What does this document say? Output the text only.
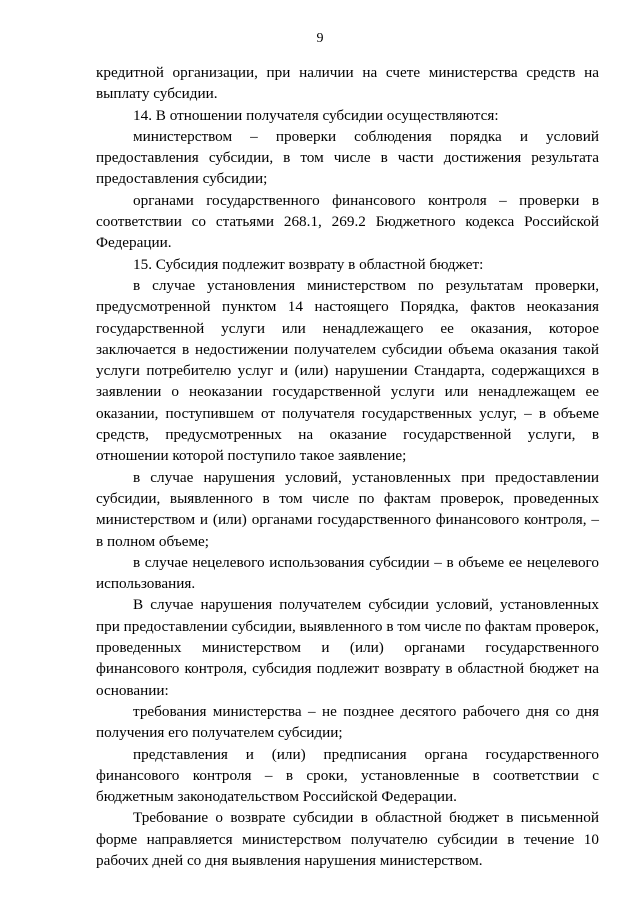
9

кредитной организации, при наличии на счете министерства средств на выплату субсидии.

14. В отношении получателя субсидии осуществляются:

министерством – проверки соблюдения порядка и условий предоставления субсидии, в том числе в части достижения результата предоставления субсидии;

органами государственного финансового контроля – проверки в соответствии со статьями 268.1, 269.2 Бюджетного кодекса Российской Федерации.

15. Субсидия подлежит возврату в областной бюджет:

в случае установления министерством по результатам проверки, предусмотренной пунктом 14 настоящего Порядка, фактов неоказания государственной услуги или ненадлежащего ее оказания, которое заключается в недостижении получателем субсидии объема оказания такой услуги потребителю услуг и (или) нарушении Стандарта, содержащихся в заявлении о неоказании государственной услуги или ненадлежащем ее оказании, поступившем от получателя государственных услуг, – в объеме средств, предусмотренных на оказание государственной услуги, в отношении которой поступило такое заявление;

в случае нарушения условий, установленных при предоставлении субсидии, выявленного в том числе по фактам проверок, проведенных министерством и (или) органами государственного финансового контроля, – в полном объеме;

в случае нецелевого использования субсидии – в объеме ее нецелевого использования.

В случае нарушения получателем субсидии условий, установленных при предоставлении субсидии, выявленного в том числе по фактам проверок, проведенных министерством и (или) органами государственного финансового контроля, субсидия подлежит возврату в областной бюджет на основании:

требования министерства – не позднее десятого рабочего дня со дня получения его получателем субсидии;

представления и (или) предписания органа государственного финансового контроля – в сроки, установленные в соответствии с бюджетным законодательством Российской Федерации.

Требование о возврате субсидии в областной бюджет в письменной форме направляется министерством получателю субсидии в течение 10 рабочих дней со дня выявления нарушения министерством.
